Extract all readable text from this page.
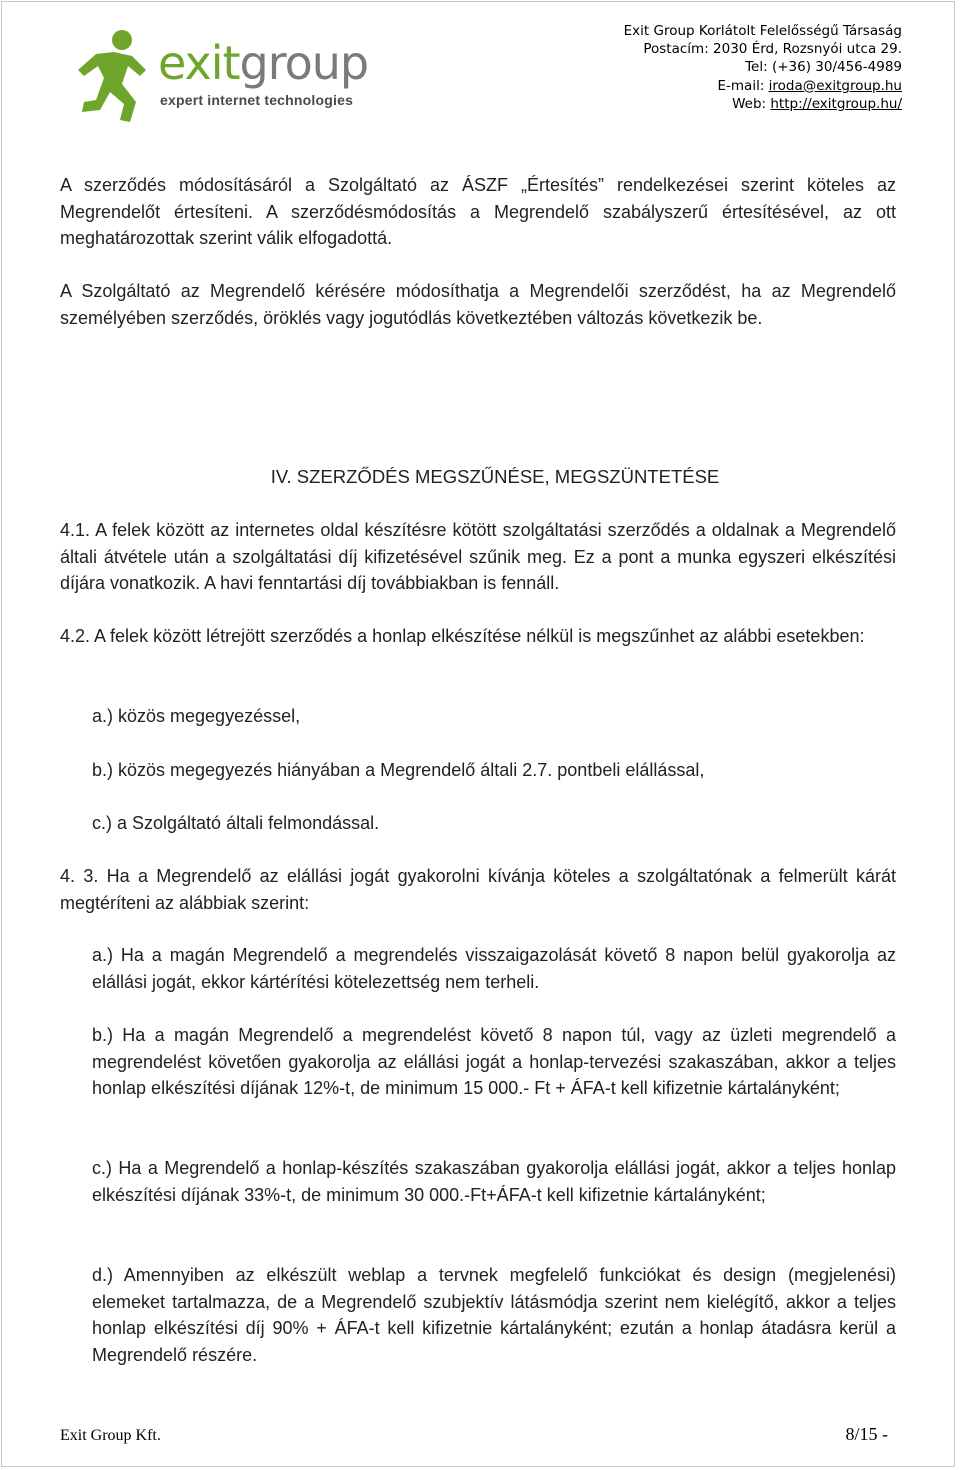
exitgroup
expert internet technologies
Exit Group Korlátolt Felelősségű Társaság
Postacím: 2030 Érd, Rozsnyói utca 29.
Tel: (+36) 30/456-4989
E-mail: iroda@exitgroup.hu
Web: http://exitgroup.hu/

A szerződés módosításáról a Szolgáltató az ÁSZF „Értesítés” rendelkezései szerint köteles az Megrendelőt értesíteni. A szerződésmódosítás a Megrendelő szabályszerű értesítésével, az ott meghatározottak szerint válik elfogadottá.

A Szolgáltató az Megrendelő kérésére módosíthatja a Megrendelői szerződést, ha az Megrendelő személyében szerződés, öröklés vagy jogutódlás következtében változás következik be.

IV. SZERZŐDÉS MEGSZŰNÉSE, MEGSZÜNTETÉSE

4.1. A felek között az internetes oldal készítésre kötött szolgáltatási szerződés a oldalnak a Megrendelő általi átvétele után a szolgáltatási díj kifizetésével szűnik meg. Ez a pont a munka egyszeri elkészítési díjára vonatkozik. A havi fenntartási díj továbbiakban is fennáll.

4.2. A felek között létrejött szerződés a honlap elkészítése nélkül is megszűnhet az alábbi esetekben:

a.) közös megegyezéssel,

b.) közös megegyezés hiányában a Megrendelő általi 2.7. pontbeli elállással,

c.) a Szolgáltató általi felmondással.

4. 3. Ha a Megrendelő az elállási jogát gyakorolni kívánja köteles a szolgáltatónak a felmerült kárát megtéríteni az alábbiak szerint:

a.) Ha a magán Megrendelő a megrendelés visszaigazolását követő 8 napon belül gyakorolja az elállási jogát, ekkor kártérítési kötelezettség nem terheli.

b.) Ha a magán Megrendelő a megrendelést követő 8 napon túl, vagy az üzleti megrendelő a megrendelést követően gyakorolja az elállási jogát a honlap-tervezési szakaszában, akkor a teljes honlap elkészítési díjának 12%-t, de minimum 15 000.- Ft + ÁFA-t kell kifizetnie kártalányként;

c.) Ha a Megrendelő a honlap-készítés szakaszában gyakorolja elállási jogát, akkor a teljes honlap elkészítési díjának 33%-t, de minimum 30 000.-Ft+ÁFA-t kell kifizetnie kártalányként;

d.) Amennyiben az elkészült weblap a tervnek megfelelő funkciókat és design (megjelenési) elemeket tartalmazza, de a Megrendelő szubjektív látásmódja szerint nem kielégítő, akkor a teljes honlap elkészítési díj 90% + ÁFA-t kell kifizetnie kártalányként; ezután a honlap átadásra kerül a Megrendelő részére.

Exit Group Kft.	8/15 -
